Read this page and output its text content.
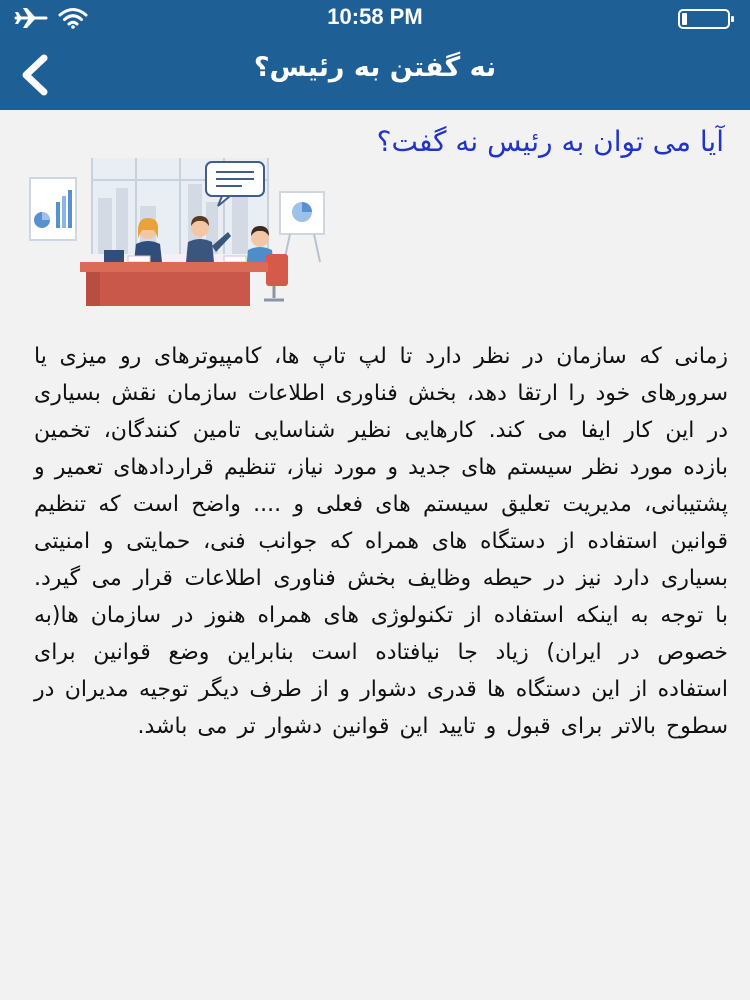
10:58 PM
نه گفتن به رئیس؟
آیا می توان به رئیس نه گفت؟
زمانی که سازمان در نظر دارد تا لپ تاپ ها، کامپیوترهای رو میزی یا سرورهای خود را ارتقا دهد، بخش فناوری اطلاعات سازمان نقش بسیاری در این کار ایفا می کند. کارهایی نظیر شناسایی تامین کنندگان، تخمین بازده مورد نظر سیستم های جدید و مورد نیاز، تنظیم قراردادهای تعمیر و پشتیبانی، مدیریت تعلیق سیستم های فعلی و .... واضح است که تنظیم قوانین استفاده از دستگاه های همراه که جوانب فنی، حمایتی و امنیتی بسیاری دارد نیز در حیطه وظایف بخش فناوری اطلاعات قرار می گیرد. با توجه به اینکه استفاده از تکنولوژی های همراه هنوز در سازمان ها(به خصوص در ایران) زیاد جا نیافتاده است بنابراین وضع قوانین برای استفاده از این دستگاه ها قدری دشوار و از طرف دیگر توجیه مدیران در سطوح بالاتر برای قبول و تایید این قوانین دشوار تر می باشد.
